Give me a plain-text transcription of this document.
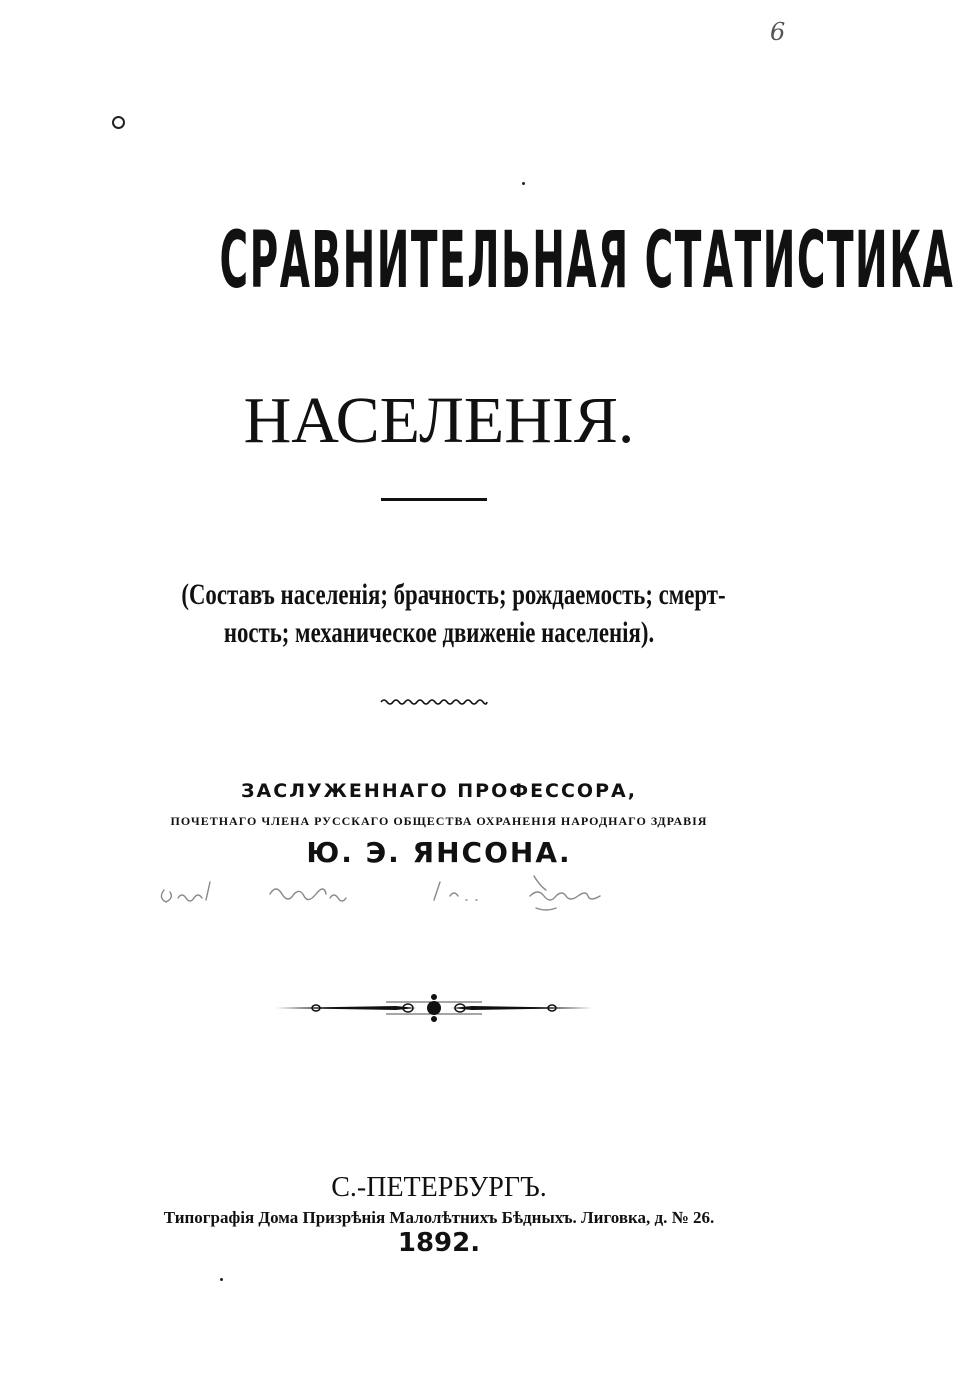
6
СРАВНИТЕЛЬНАЯ СТАТИСТИКА
НАСЕЛЕНІЯ.
(Составъ населенія; брачность; рождаемость; смерт-
ность; механическое движеніе населенія).
ЗАСЛУЖЕННАГО ПРОФЕССОРА,
ПОЧЕТНАГО ЧЛЕНА РУССКАГО ОБЩЕСТВА ОХРАНЕНІЯ НАРОДНАГО ЗДРАВІЯ
Ю. Э. ЯНСОНА.
С.-ПЕТЕРБУРГЪ.
Типографія Дома Призрѣнія Малолѣтнихъ Бѣдныхъ. Лиговка, д. № 26.
1892.
